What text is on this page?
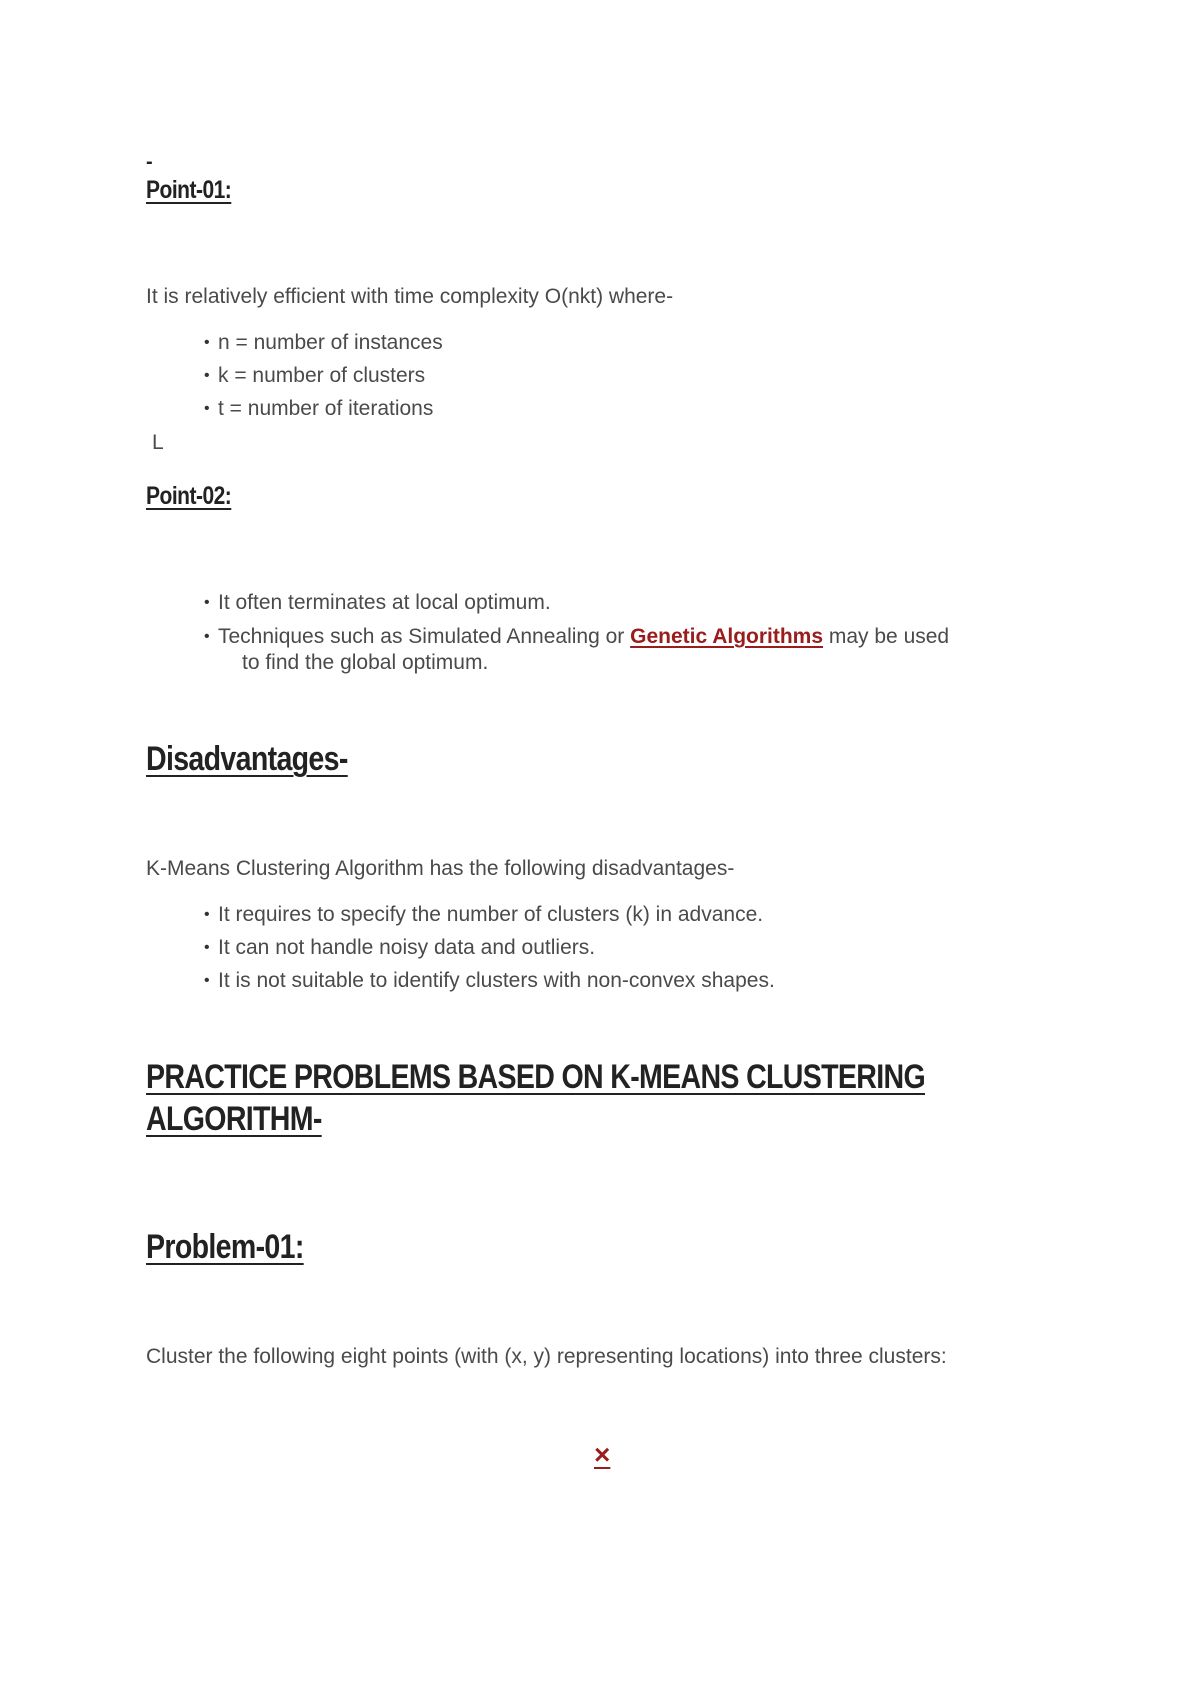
-
Point-01:

It is relatively efficient with time complexity O(nkt) where-

• n = number of instances
• k = number of clusters
• t = number of iterations
L
Point-02:
• It often terminates at local optimum.
• Techniques such as Simulated Annealing or Genetic Algorithms may be used
to find the global optimum.
Disadvantages-

K-Means Clustering Algorithm has the following disadvantages-

• It requires to specify the number of clusters (k) in advance.
• It can not handle noisy data and outliers.
• It is not suitable to identify clusters with non-convex shapes.
PRACTICE PROBLEMS BASED ON K-MEANS CLUSTERING
ALGORITHM-
Problem-01:

Cluster the following eight points (with (x, y) representing locations) into three clusters:

×
